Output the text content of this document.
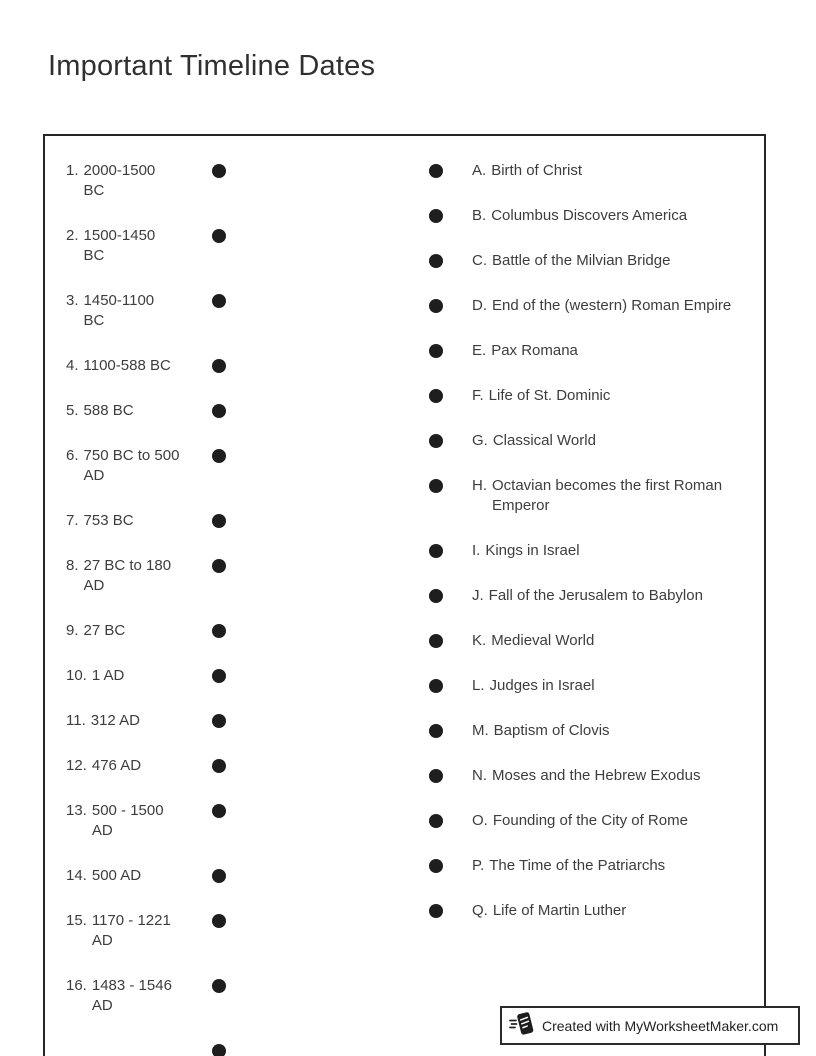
Important Timeline Dates
1. 2000-1500
BC
2. 1500-1450
BC
3. 1450-1100
BC
4. 1100-588 BC
5. 588 BC
6. 750 BC to 500
AD
7. 753 BC
8. 27 BC to 180
AD
9. 27 BC
10. 1 AD
11. 312 AD
12. 476 AD
13. 500 - 1500
AD
14. 500 AD
15. 1170 - 1221
AD
16. 1483 - 1546
AD
A. Birth of Christ
B. Columbus Discovers America
C. Battle of the Milvian Bridge
D. End of the (western) Roman Empire
E. Pax Romana
F. Life of St. Dominic
G. Classical World
H. Octavian becomes the first Roman
Emperor
I. Kings in Israel
J. Fall of the Jerusalem to Babylon
K. Medieval World
L. Judges in Israel
M. Baptism of Clovis
N. Moses and the Hebrew Exodus
O. Founding of the City of Rome
P. The Time of the Patriarchs
Q. Life of Martin Luther
Created with MyWorksheetMaker.com
